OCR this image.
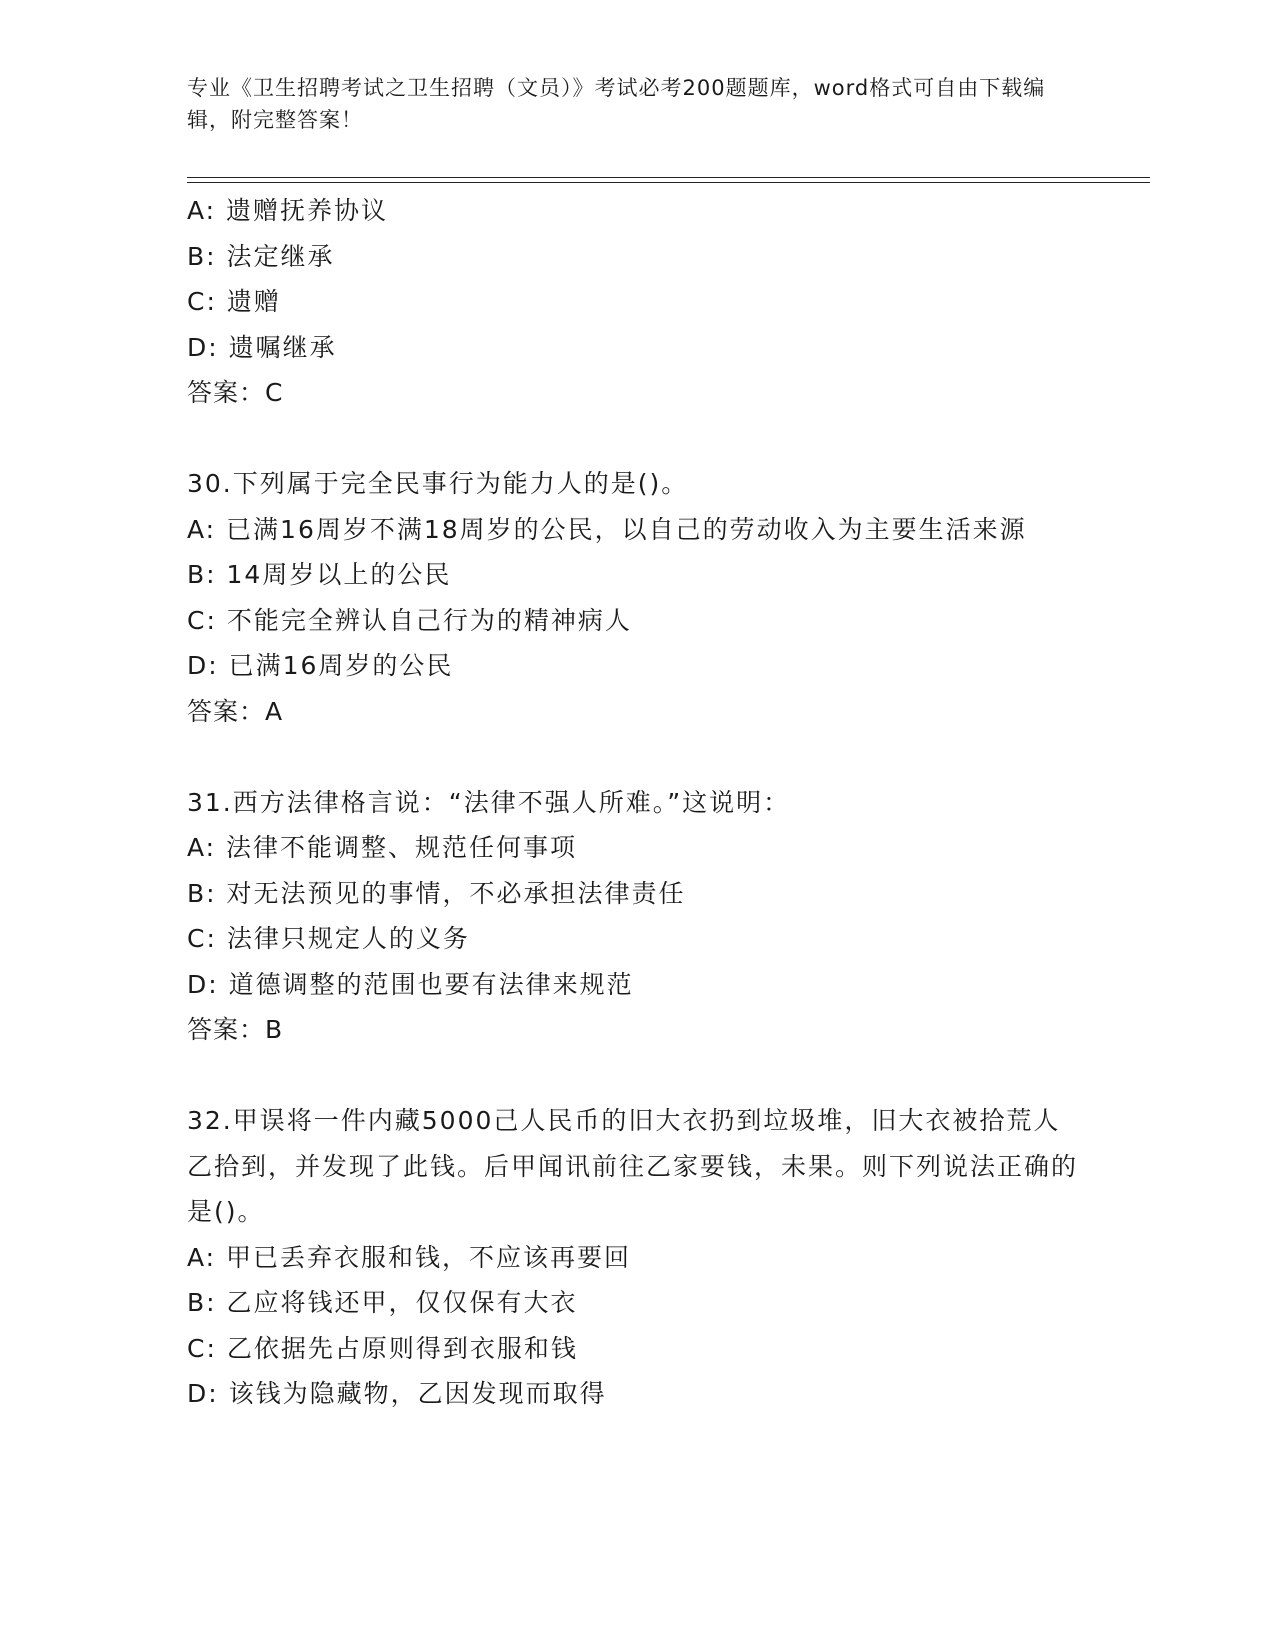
专业《卫生招聘考试之卫生招聘（文员）》考试必考200题题库，word格式可自由下载编辑，附完整答案！
A: 遗赠抚养协议
B: 法定继承
C: 遗赠
D: 遗嘱继承
答案：C
30.下列属于完全民事行为能力人的是()。
A: 已满16周岁不满18周岁的公民，以自己的劳动收入为主要生活来源
B: 14周岁以上的公民
C: 不能完全辨认自己行为的精神病人
D: 已满16周岁的公民
答案：A
31.西方法律格言说：“法律不强人所难。”这说明：
A: 法律不能调整、规范任何事项
B: 对无法预见的事情，不必承担法律责任
C: 法律只规定人的义务
D: 道德调整的范围也要有法律来规范
答案：B
32.甲误将一件内藏5000己人民币的旧大衣扔到垃圾堆，旧大衣被拾荒人乙拾到，并发现了此钱。后甲闻讯前往乙家要钱，未果。则下列说法正确的是()。
A: 甲已丢弃衣服和钱，不应该再要回
B: 乙应将钱还甲，仅仅保有大衣
C: 乙依据先占原则得到衣服和钱
D: 该钱为隐藏物，乙因发现而取得
